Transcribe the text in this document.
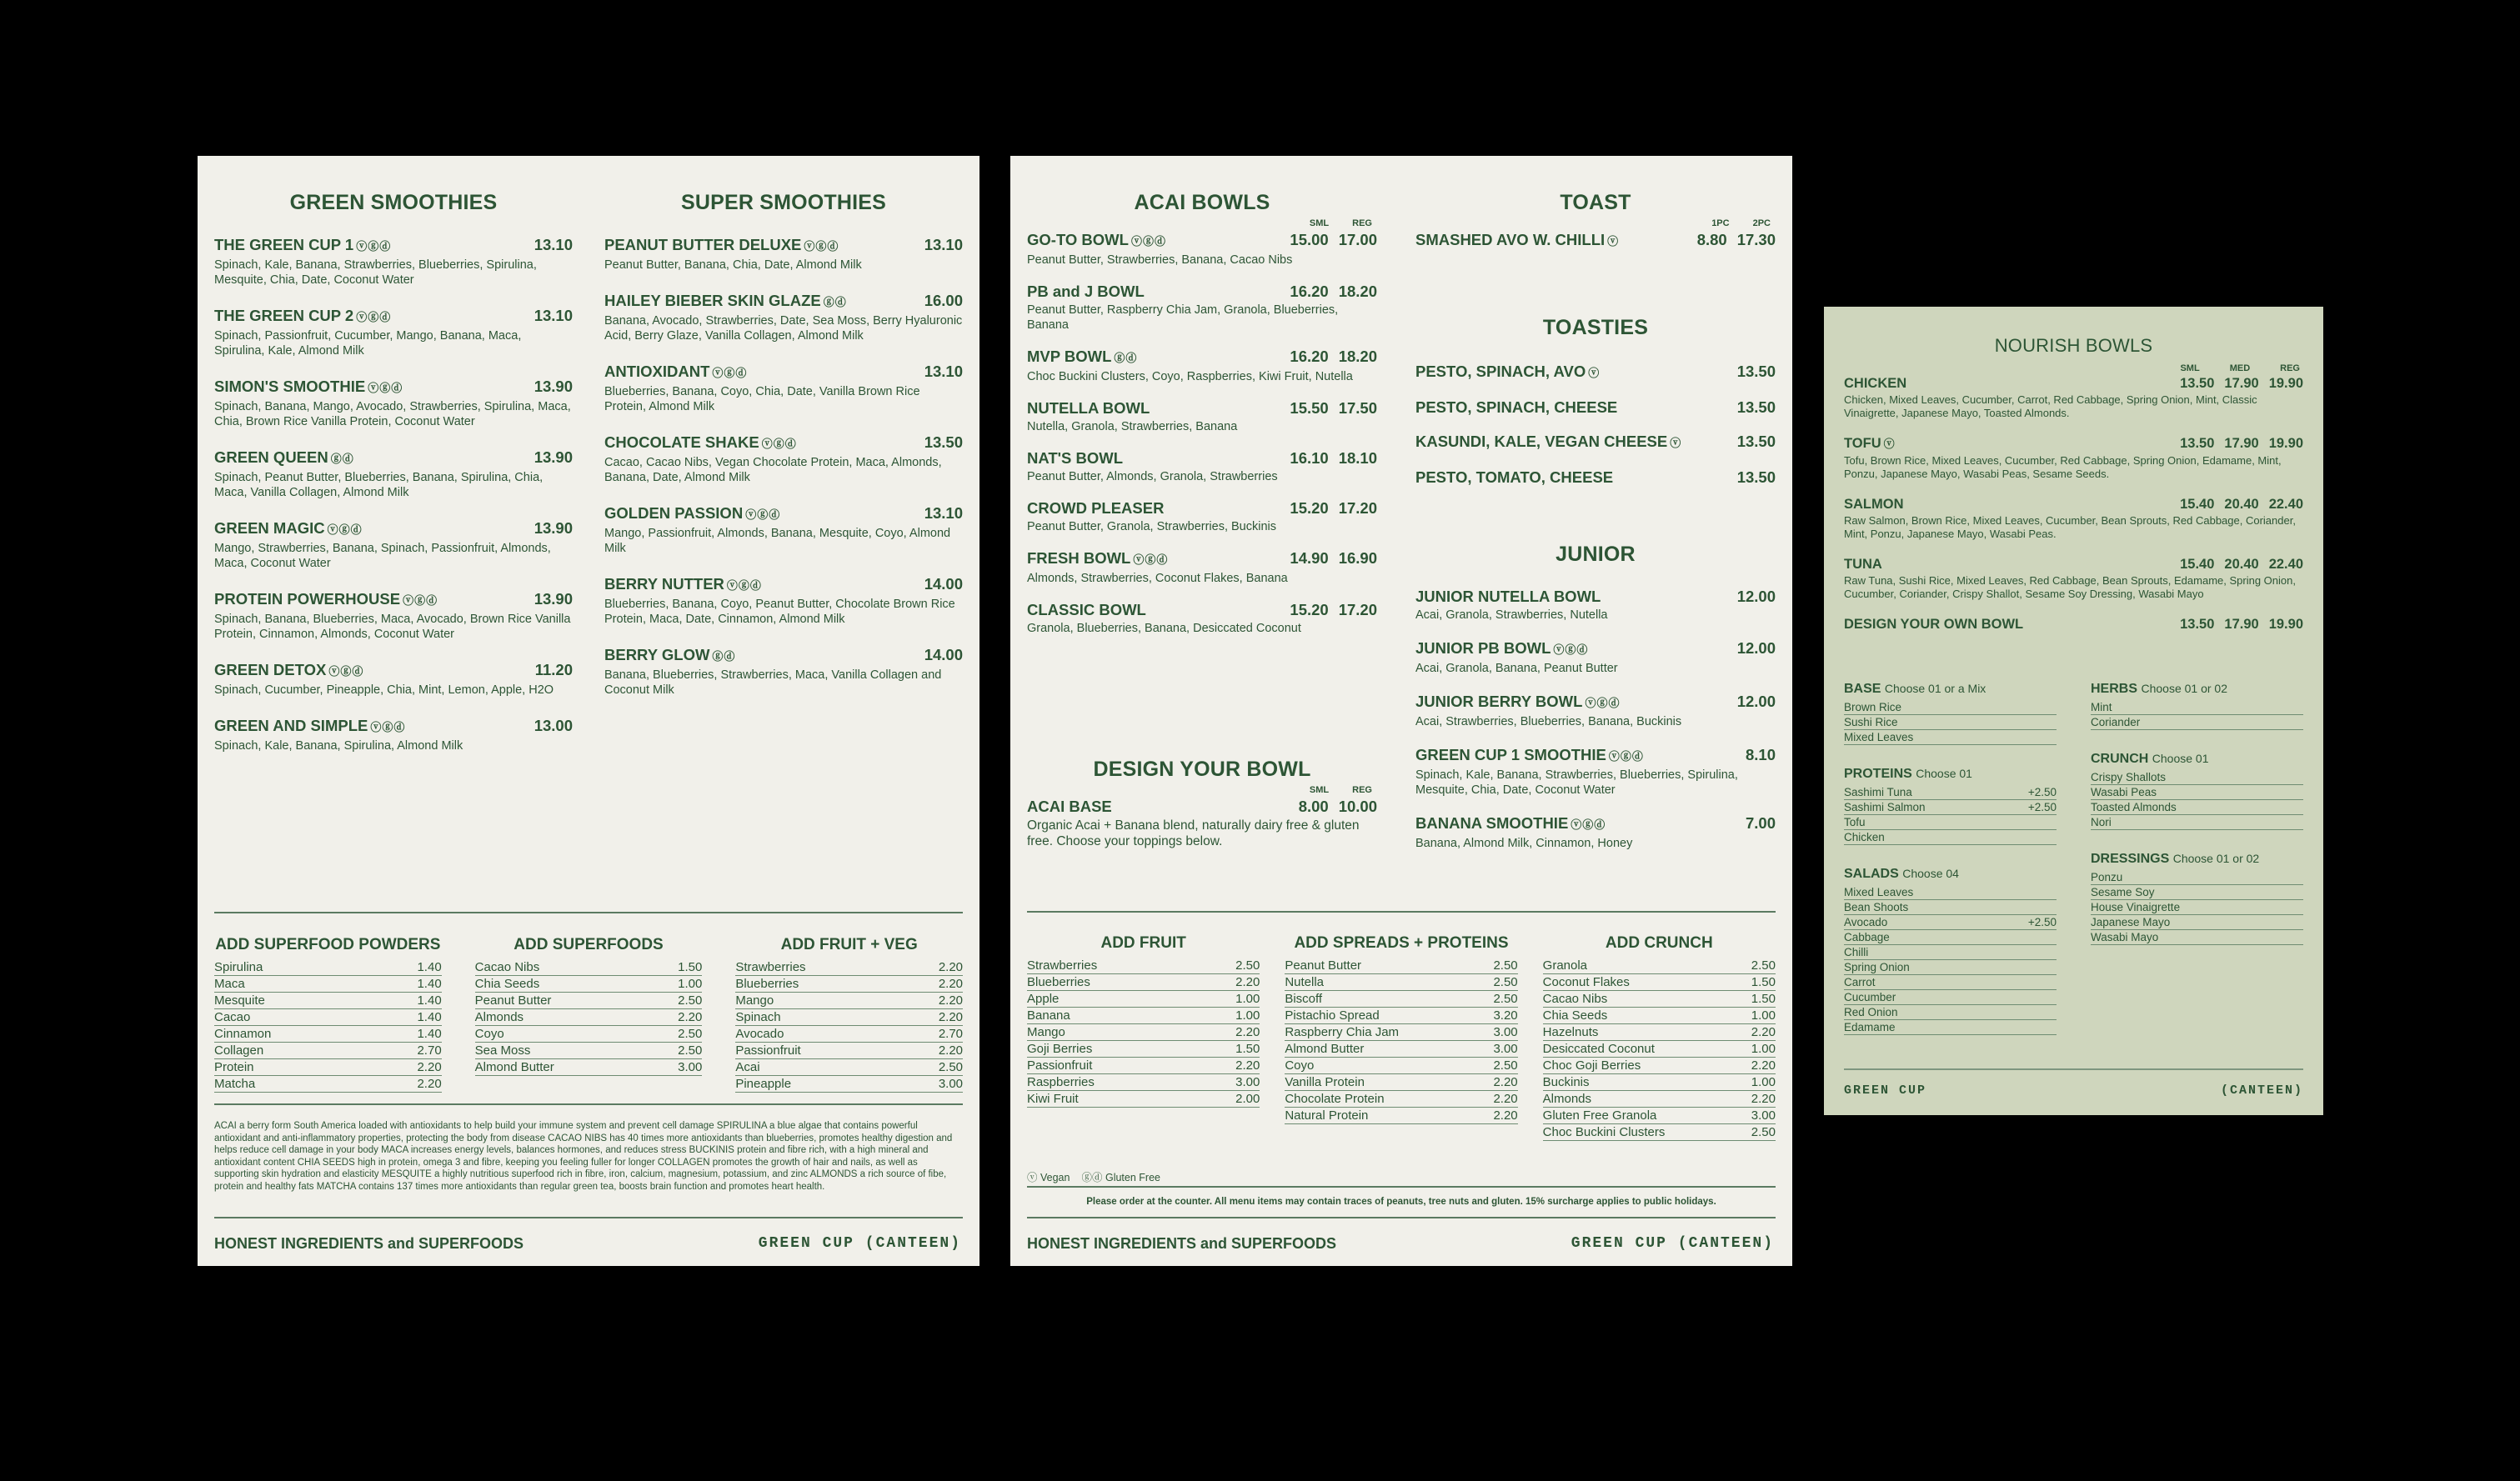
GREEN SMOOTHIES
THE GREEN CUP 1 ⓥⓖⓓ	13.10
Spinach, Kale, Banana, Strawberries, Blueberries, Spirulina, Mesquite, Chia, Date, Coconut Water
THE GREEN CUP 2 ⓥⓖⓓ	13.10
Spinach, Passionfruit, Cucumber, Mango, Banana, Maca, Spirulina, Kale, Almond Milk
SIMON'S SMOOTHIE ⓥⓖⓓ	13.90
Spinach, Banana, Mango, Avocado, Strawberries, Spirulina, Maca, Chia, Brown Rice Vanilla Protein, Coconut Water
GREEN QUEEN ⓖⓓ	13.90
Spinach, Peanut Butter, Blueberries, Banana, Spirulina, Chia, Maca, Vanilla Collagen, Almond Milk
GREEN MAGIC ⓥⓖⓓ	13.90
Mango, Strawberries, Banana, Spinach, Passionfruit, Almonds, Maca, Coconut Water
PROTEIN POWERHOUSE ⓥⓖⓓ	13.90
Spinach, Banana, Blueberries, Maca, Avocado, Brown Rice Vanilla Protein, Cinnamon, Almonds, Coconut Water
GREEN DETOX ⓥⓖⓓ	11.20
Spinach, Cucumber, Pineapple, Chia, Mint, Lemon, Apple, H2O
GREEN AND SIMPLE ⓥⓖⓓ	13.00
Spinach, Kale, Banana, Spirulina, Almond Milk
SUPER SMOOTHIES
PEANUT BUTTER DELUXE ⓥⓖⓓ	13.10
Peanut Butter, Banana, Chia, Date, Almond Milk
HAILEY BIEBER SKIN GLAZE ⓖⓓ	16.00
Banana, Avocado, Strawberries, Date, Sea Moss, Berry Hyaluronic Acid, Berry Glaze, Vanilla Collagen, Almond Milk
ANTIOXIDANT ⓥⓖⓓ	13.10
Blueberries, Banana, Coyo, Chia, Date, Vanilla Brown Rice Protein, Almond Milk
CHOCOLATE SHAKE ⓥⓖⓓ	13.50
Cacao, Cacao Nibs, Vegan Chocolate Protein, Maca, Almonds, Banana, Date, Almond Milk
GOLDEN PASSION ⓥⓖⓓ	13.10
Mango, Passionfruit, Almonds, Banana, Mesquite, Coyo, Almond Milk
BERRY NUTTER ⓥⓖⓓ	14.00
Blueberries, Banana, Coyo, Peanut Butter, Chocolate Brown Rice Protein, Maca, Date, Cinnamon, Almond Milk
BERRY GLOW ⓖⓓ	14.00
Banana, Blueberries, Strawberries, Maca, Vanilla Collagen and Coconut Milk
ADD SUPERFOOD POWDERS
Spirulina	1.40
Maca	1.40
Mesquite	1.40
Cacao	1.40
Cinnamon	1.40
Collagen	2.70
Protein	2.20
Matcha	2.20
ADD SUPERFOODS
Cacao Nibs	1.50
Chia Seeds	1.00
Peanut Butter	2.50
Almonds	2.20
Coyo	2.50
Sea Moss	2.50
Almond Butter	3.00
ADD FRUIT + VEG
Strawberries	2.20
Blueberries	2.20
Mango	2.20
Spinach	2.20
Avocado	2.70
Passionfruit	2.20
Acai	2.50
Pineapple	3.00
ACAI a berry form South America loaded with antioxidants to help build your immune system and prevent cell damage SPIRULINA a blue algae that contains powerful antioxidant and anti-inflammatory properties, protecting the body from disease CACAO NIBS has 40 times more antioxidants than blueberries, promotes healthy digestion and helps reduce cell damage in your body MACA increases energy levels, balances hormones, and reduces stress BUCKINIS protein and fibre rich, with a high mineral and antioxidant content CHIA SEEDS high in protein, omega 3 and fibre, keeping you feeling fuller for longer COLLAGEN promotes the growth of hair and nails, as well as supporting skin hydration and elasticity MESQUITE a highly nutritious superfood rich in fibre, iron, calcium, magnesium, potassium, and zinc ALMONDS a rich source of fibe, protein and healthy fats MATCHA contains 137 times more antioxidants than regular green tea, boosts brain function and promotes heart health.
HONEST INGREDIENTS and SUPERFOODS	GREEN CUP (CANTEEN)
ACAI BOWLS
SML	REG
GO-TO BOWL ⓥⓖⓓ	15.00 17.00
Peanut Butter, Strawberries, Banana, Cacao Nibs
PB and J BOWL	16.20 18.20
Peanut Butter, Raspberry Chia Jam, Granola, Blueberries, Banana
MVP BOWL ⓖⓓ	16.20 18.20
Choc Buckini Clusters, Coyo, Raspberries, Kiwi Fruit, Nutella
NUTELLA BOWL	15.50 17.50
Nutella, Granola, Strawberries, Banana
NAT'S BOWL	16.10 18.10
Peanut Butter, Almonds, Granola, Strawberries
CROWD PLEASER	15.20 17.20
Peanut Butter, Granola, Strawberries, Buckinis
FRESH BOWL ⓥⓖⓓ	14.90 16.90
Almonds, Strawberries, Coconut Flakes, Banana
CLASSIC BOWL	15.20 17.20
Granola, Blueberries, Banana, Desiccated Coconut
DESIGN YOUR BOWL
SML	REG
ACAI BASE	8.00 10.00
Organic Acai + Banana blend, naturally dairy free & gluten free. Choose your toppings below.
TOAST
1PC	2PC
SMASHED AVO W. CHILLI ⓥ	8.80 17.30
TOASTIES
PESTO, SPINACH, AVO ⓥ	13.50
PESTO, SPINACH, CHEESE	13.50
KASUNDI, KALE, VEGAN CHEESE ⓥ	13.50
PESTO, TOMATO, CHEESE	13.50
JUNIOR
JUNIOR NUTELLA BOWL	12.00
Acai, Granola, Strawberries, Nutella
JUNIOR PB BOWL ⓥⓖⓓ	12.00
Acai, Granola, Banana, Peanut Butter
JUNIOR BERRY BOWL ⓥⓖⓓ	12.00
Acai, Strawberries, Blueberries, Banana, Buckinis
GREEN CUP 1 SMOOTHIE ⓥⓖⓓ	8.10
Spinach, Kale, Banana, Strawberries, Blueberries, Spirulina, Mesquite, Chia, Date, Coconut Water
BANANA SMOOTHIE ⓥⓖⓓ	7.00
Banana, Almond Milk, Cinnamon, Honey
ADD FRUIT
Strawberries	2.50
Blueberries	2.20
Apple	1.00
Banana	1.00
Mango	2.20
Goji Berries	1.50
Passionfruit	2.20
Raspberries	3.00
Kiwi Fruit	2.00
ADD SPREADS + PROTEINS
Peanut Butter	2.50
Nutella	2.50
Biscoff	2.50
Pistachio Spread	3.20
Raspberry Chia Jam	3.00
Almond Butter	3.00
Coyo	2.50
Vanilla Protein	2.20
Chocolate Protein	2.20
Natural Protein	2.20
ADD CRUNCH
Granola	2.50
Coconut Flakes	1.50
Cacao Nibs	1.50
Chia Seeds	1.00
Hazelnuts	2.20
Desiccated Coconut	1.00
Choc Goji Berries	2.20
Buckinis	1.00
Almonds	2.20
Gluten Free Granola	3.00
Choc Buckini Clusters	2.50
ⓥ Vegan ⓖⓓ Gluten Free
Please order at the counter. All menu items may contain traces of peanuts, tree nuts and gluten. 15% surcharge applies to public holidays.
HONEST INGREDIENTS and SUPERFOODS	GREEN CUP (CANTEEN)
NOURISH BOWLS
SML	MED	REG
CHICKEN	13.50 17.90 19.90
Chicken, Mixed Leaves, Cucumber, Carrot, Red Cabbage, Spring Onion, Mint, Classic Vinaigrette, Japanese Mayo, Toasted Almonds.
TOFU ⓥ	13.50 17.90 19.90
Tofu, Brown Rice, Mixed Leaves, Cucumber, Red Cabbage, Spring Onion, Edamame, Mint, Ponzu, Japanese Mayo, Wasabi Peas, Sesame Seeds.
SALMON	15.40 20.40 22.40
Raw Salmon, Brown Rice, Mixed Leaves, Cucumber, Bean Sprouts, Red Cabbage, Coriander, Mint, Ponzu, Japanese Mayo, Wasabi Peas.
TUNA	15.40 20.40 22.40
Raw Tuna, Sushi Rice, Mixed Leaves, Red Cabbage, Bean Sprouts, Edamame, Spring Onion, Cucumber, Coriander, Crispy Shallot, Sesame Soy Dressing, Wasabi Mayo
DESIGN YOUR OWN BOWL	13.50 17.90 19.90
BASE Choose 01 or a Mix
Brown Rice
Sushi Rice
Mixed Leaves
PROTEINS Choose 01
Sashimi Tuna	+2.50
Sashimi Salmon	+2.50
Tofu
Chicken
SALADS Choose 04
Mixed Leaves
Bean Shoots
Avocado	+2.50
Cabbage
Chilli
Spring Onion
Carrot
Cucumber
Red Onion
Edamame
HERBS Choose 01 or 02
Mint
Coriander
CRUNCH Choose 01
Crispy Shallots
Wasabi Peas
Toasted Almonds
Nori
DRESSINGS Choose 01 or 02
Ponzu
Sesame Soy
House Vinaigrette
Japanese Mayo
Wasabi Mayo
GREEN CUP	(CANTEEN)
